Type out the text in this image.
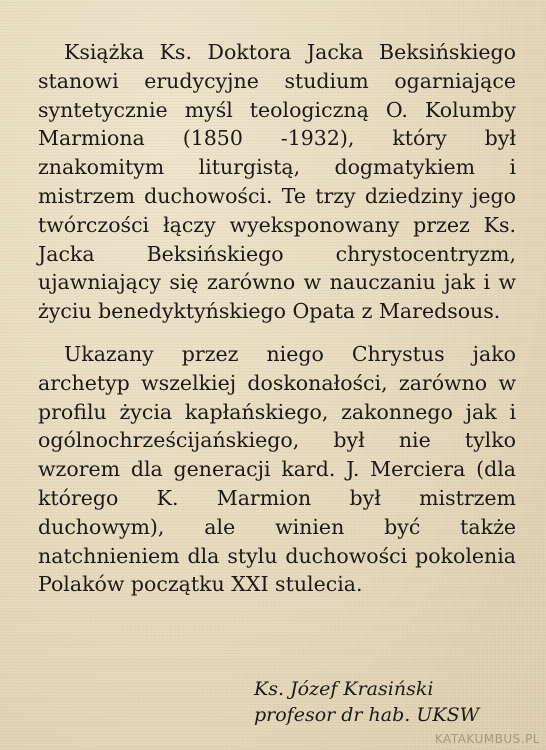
Książka Ks. Doktora Jacka Beksińskiego stanowi erudycyjne studium ogarniające syntetycznie myśl teologiczną O. Kolumby Marmiona (1850 -1932), który był znakomitym liturgistą, dogmatykiem i mistrzem duchowości. Te trzy dziedziny jego twórczości łączy wyeksponowany przez Ks. Jacka Beksińskiego chrystocentryzm, ujawniający się zarówno w nauczaniu jak i w życiu benedyktyńskiego Opata z Maredsous.

Ukazany przez niego Chrystus jako archetyp wszelkiej doskonałości, zarówno w profilu życia kapłańskiego, zakonnego jak i ogólnochrześcijańskiego, był nie tylko wzorem dla generacji kard. J. Merciera (dla którego K. Marmion był mistrzem duchowym), ale winien być także natchnieniem dla stylu duchowości pokolenia Polaków początku XXI stulecia.

Ks. Józef Krasiński
profesor dr hab. UKSW
KATAKUMBUS.PL
